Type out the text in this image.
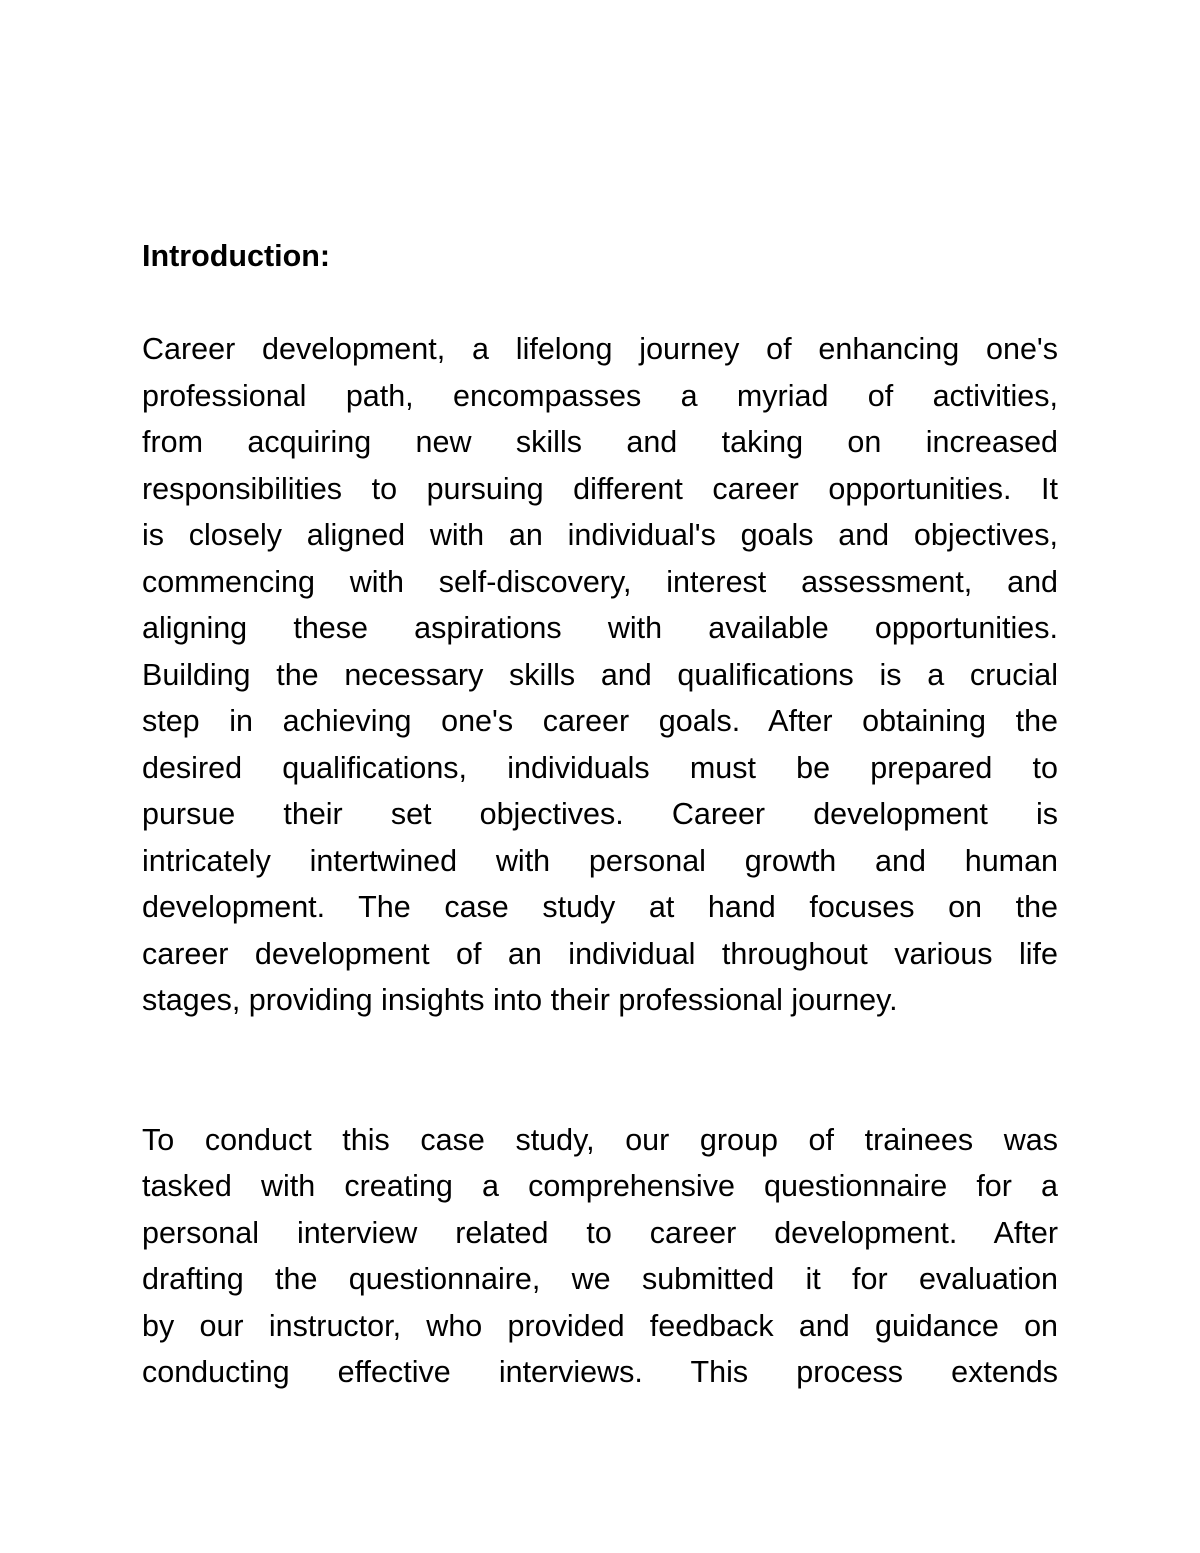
Introduction:
Career development, a lifelong journey of enhancing one's
professional path, encompasses a myriad of activities,
from acquiring new skills and taking on increased
responsibilities to pursuing different career opportunities. It
is closely aligned with an individual's goals and objectives,
commencing with self-discovery, interest assessment, and
aligning these aspirations with available opportunities.
Building the necessary skills and qualifications is a crucial
step in achieving one's career goals. After obtaining the
desired qualifications, individuals must be prepared to
pursue their set objectives. Career development is
intricately intertwined with personal growth and human
development. The case study at hand focuses on the
career development of an individual throughout various life
stages, providing insights into their professional journey.
To conduct this case study, our group of trainees was
tasked with creating a comprehensive questionnaire for a
personal interview related to career development. After
drafting the questionnaire, we submitted it for evaluation
by our instructor, who provided feedback and guidance on
conducting effective interviews. This process extends
